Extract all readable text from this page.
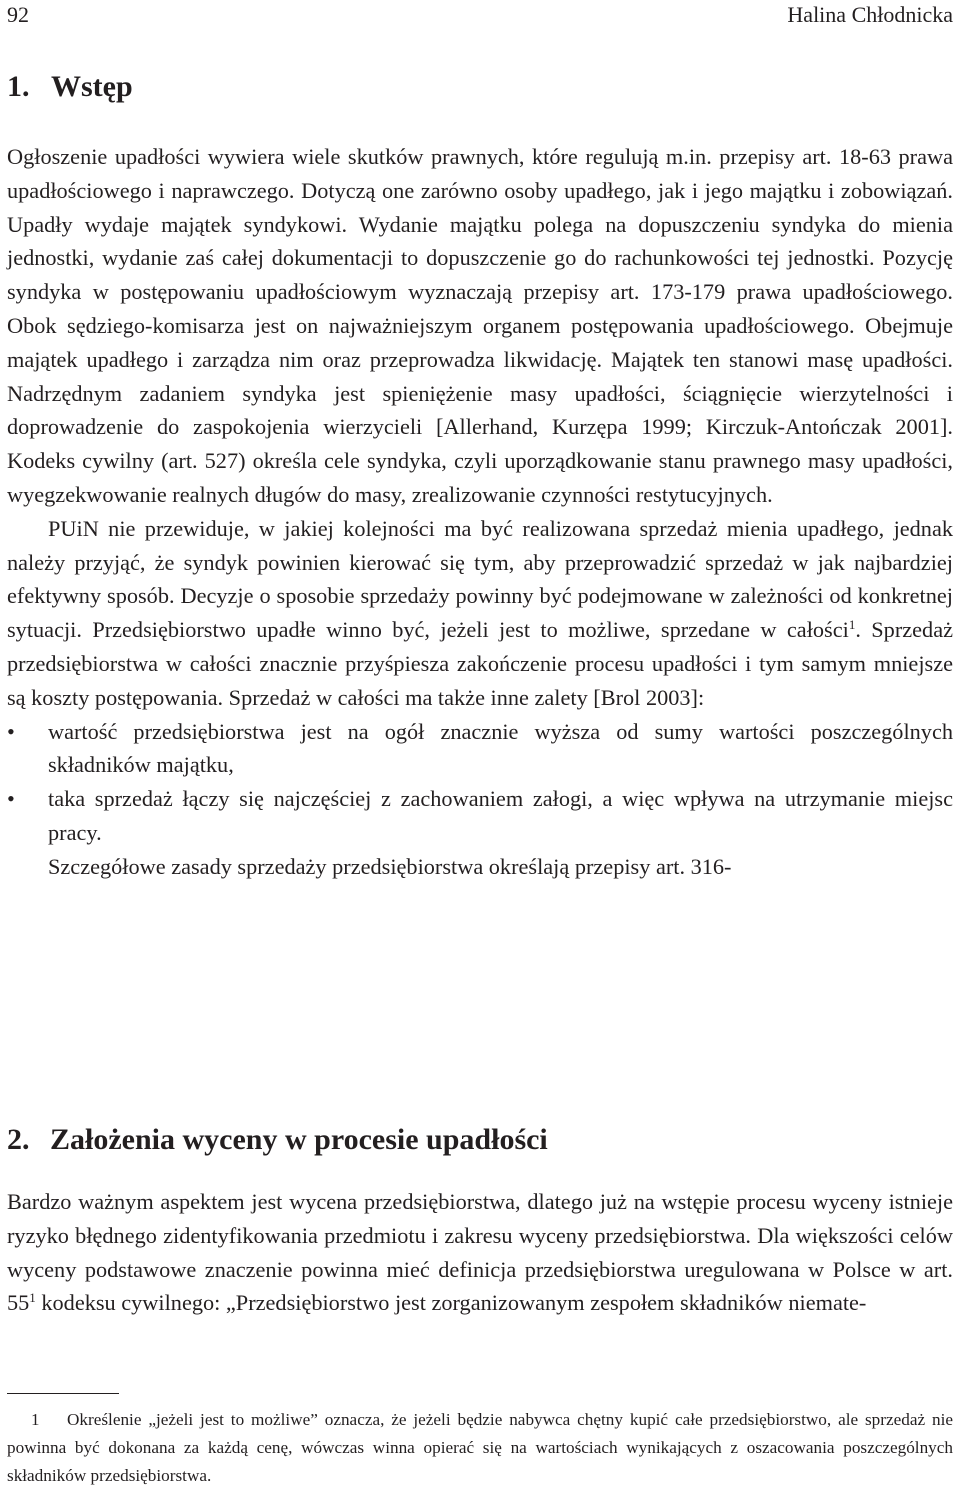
92	Halina Chłodnicka
1. Wstęp

Ogłoszenie upadłości wywiera wiele skutków prawnych, które regulują m.in. przepisy art. 18-63 prawa upadłościowego i naprawczego. Dotyczą one zarówno osoby upadłego, jak i jego majątku i zobowiązań. Upadły wydaje majątek syndykowi. Wydanie majątku polega na dopuszczeniu syndyka do mienia jednostki, wydanie zaś całej dokumentacji to dopuszczenie go do rachunkowości tej jednostki. Pozycję syndyka w postępowaniu upadłościowym wyznaczają przepisy art. 173-179 prawa upadłościowego. Obok sędziego-komisarza jest on najważniejszym organem postępowania upadłościowego. Obejmuje majątek upadłego i zarządza nim oraz przeprowadza likwidację. Majątek ten stanowi masę upadłości. Nadrzędnym zadaniem syndyka jest spieniężenie masy upadłości, ściągnięcie wierzytelności i doprowadzenie do zaspokojenia wierzycieli [Allerhand, Kurzępa 1999; Kirczuk-Antończak 2001]. Kodeks cywilny (art. 527) określa cele syndyka, czyli uporządkowanie stanu prawnego masy upadłości, wyegzekwowanie realnych długów do masy, zrealizowanie czynności restytucyjnych.

PUiN nie przewiduje, w jakiej kolejności ma być realizowana sprzedaż mienia upadłego, jednak należy przyjąć, że syndyk powinien kierować się tym, aby przeprowadzić sprzedaż w jak najbardziej efektywny sposób. Decyzje o sposobie sprzedaży powinny być podejmowane w zależności od konkretnej sytuacji. Przedsiębiorstwo upadłe winno być, jeżeli jest to możliwe, sprzedane w całości$^1$. Sprzedaż przedsiębiorstwa w całości znacznie przyśpiesza zakończenie procesu upadłości i tym samym mniejsze są koszty postępowania. Sprzedaż w całości ma także inne zalety [Brol 2003]:

• wartość przedsiębiorstwa jest na ogół znacznie wyższa od sumy wartości poszczególnych składników majątku,
• taka sprzedaż łączy się najczęściej z zachowaniem załogi, a więc wpływa na utrzymanie miejsc pracy.

Szczegółowe zasady sprzedaży przedsiębiorstwa określają przepisy art. 316-

2. Założenia wyceny w procesie upadłości

Bardzo ważnym aspektem jest wycena przedsiębiorstwa, dlatego już na wstępie procesu wyceny istnieje ryzyko błędnego zidentyfikowania przedmiotu i zakresu wyceny przedsiębiorstwa. Dla większości celów wyceny podstawowe znaczenie powinna mieć definicja przedsiębiorstwa uregulowana w Polsce w art. $55^1$ kodeksu cywilnego: „Przedsiębiorstwo jest zorganizowanym zespołem składników niemate-

1 Określenie „jeżeli jest to możliwe” oznacza, że jeżeli będzie nabywca chętny kupić całe przedsiębiorstwo, ale sprzedaż nie powinna być dokonana za każdą cenę, wówczas winna opierać się na wartościach wynikających z oszacowania poszczególnych składników przedsiębiorstwa.
